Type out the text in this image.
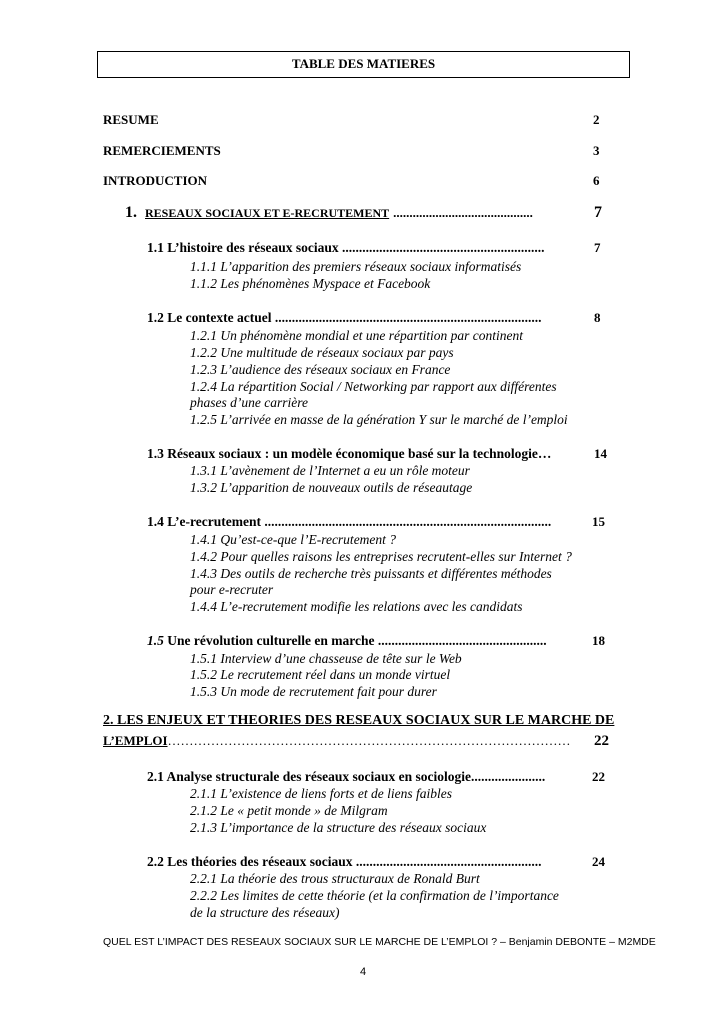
TABLE DES MATIERES
RESUME	2
REMERCIEMENTS	3
INTRODUCTION	6
1. RESEAUX SOCIAUX ET E-RECRUTEMENT ...........................................	7
1.1 L’histoire des réseaux sociaux ............................................................	7
1.1.1 L’apparition des premiers réseaux sociaux informatisés
1.1.2 Les phénomènes Myspace et Facebook
1.2 Le contexte actuel ...............................................................................	8
1.2.1 Un phénomène mondial et une répartition par continent
1.2.2 Une multitude de réseaux sociaux par pays
1.2.3 L’audience des réseaux sociaux en France
1.2.4 La répartition Social / Networking par rapport aux différentes
phases d’une carrière
1.2.5 L’arrivée en masse de la génération Y sur le marché de l’emploi
1.3 Réseaux sociaux : un modèle économique basé sur la technologie…	14
1.3.1 L’avènement de l’Internet a eu un rôle moteur
1.3.2 L’apparition de nouveaux outils de réseautage
1.4 L’e-recrutement .....................................................................................	15
1.4.1 Qu’est-ce-que l’E-recrutement ?
1.4.2 Pour quelles raisons les entreprises recrutent-elles sur Internet ?
1.4.3 Des outils de recherche très puissants et différentes méthodes
pour e-recruter
1.4.4 L’e-recrutement modifie les relations avec les candidats
1.5 Une révolution culturelle en marche ..................................................	18
1.5.1 Interview d’une chasseuse de tête sur le Web
1.5.2 Le recrutement réel dans un monde virtuel
1.5.3 Un mode de recrutement fait pour durer
2. LES ENJEUX ET THEORIES DES RESEAUX SOCIAUX SUR LE MARCHE DE
L’EMPLOI………………………………………………………………………………… 22
2.1 Analyse structurale des réseaux sociaux en sociologie......................	22
2.1.1 L’existence de liens forts et de liens faibles
2.1.2 Le « petit monde » de Milgram
2.1.3 L’importance de la structure des réseaux sociaux
2.2 Les théories des réseaux sociaux .......................................................	24
2.2.1 La théorie des trous structuraux de Ronald Burt
2.2.2 Les limites de cette théorie (et la confirmation de l’importance
de la structure des réseaux)
QUEL EST L’IMPACT DES RESEAUX SOCIAUX SUR LE MARCHE DE L’EMPLOI ? – Benjamin DEBONTE – M2MDE
4
